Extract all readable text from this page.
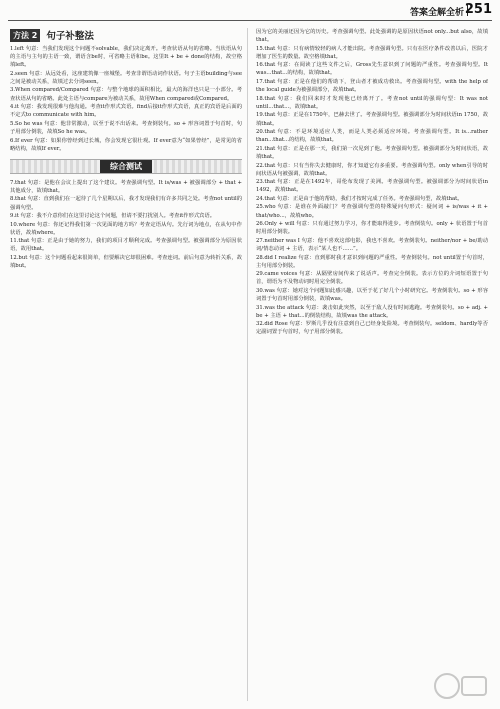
答案全解全析 251
方法 2 句子补整法

1.left 句意：当我们发现这个问题不solvable，我们决定离开。考查状语从句的省略。当状语从句的主语与主句的主语一致，谓语含be时，可省略主语和be。这里It + be + done的结构，故空格填left。

2.seen 句意：从远处看，这座建筑像一座城堡。考查非谓语动词作状语。句子主语building与see之间是被动关系，故填过去分词seen。

3.When compared/Compared 句意：与整个地球的面积相比，最大的海洋也只是一小部分。考查状语从句的省略。此处主语与compare为被动关系，故用When compared或Compared。

4.it 句意：我发现很难与他沟通。考查it作形式宾语。find后接it作形式宾语，真正的宾语是后面的不定式to communicate with him。

5.So he was 句意：他非常激动，以至于说不出话来。考查倒装句。so + 形容词置于句首时，句子用部分倒装，故填So he was。

6.If ever 句意：如果你曾经到过长城，你会发现它很壮观。If ever意为“如果曾经”，是常见的省略结构，故填If ever。

综合测试

7.that 句意：是他在会议上提出了这个建议。考查强调句型。It is/was + 被强调部分 + that + 其他成分，故填that。

8.that 句意：直到我们在一起待了几个星期以后，我才发现我们有许多共同之处。考查not until的强调句型。

9.it 句意：我不介意你们在这里讨论这个问题，但请不要打扰别人。考查it作形式宾语。

10.where 句意：你还记得我们第一次见面的地方吗？考查定语从句。先行词为地点，在从句中作状语，故填where。

11.that 句意：正是由于她的努力，我们的项目才顺利完成。考查强调句型。被强调部分为原因状语，故用that。

12.but 句意：这个问题看起来很简单，但要解决它却很困难。考查连词。前后句意为转折关系，故填but。

因为它的美丽还因为它的历史。考查强调句型。此处强调的是原因状语not only...but also，故填that。

15.that 句意：只有病情较轻的病人才能出院。考查强调句型。只有在医疗条件改善以后，医院才增加了医生的数量。故空格填that。

16.that 句意：在阅读了这些文件之后，Gross先生意识到了问题的严重性。考查强调句型。It was...that...的结构，故填that。

17.that 句意：正是在他们的帮助下，登山者才被成功救出。考查强调句型。with the help of the local guide为被强调部分，故填that。

18.that 句意：我们回来时才发现他已经离开了。考查not until的强调句型：It was not until...that...，故填that。

19.that 句意：正是在1750年，巴赫去世了。考查强调句型。被强调部分为时间状语in 1750，故填that。

20.that 句意：不是环境适应人类，而是人类必须适应环境。考查强调句型。It is...rather than...that...的结构，故填that。

21.that 句意：正是在那一天，我们第一次见到了他。考查强调句型。被强调部分为时间状语，故填that。

22.that 句意：只有当你失去健康时，你才知道它有多重要。考查强调句型。only when引导的时间状语从句被强调，故填that。

23.that 句意：正是在1492年，哥伦布发现了美洲。考查强调句型。被强调部分为时间状语in 1492，故填that。

24.that 句意：正是由于他的帮助，我们才按时完成了任务。考查强调句型，故填that。

25.who 句意：是谁在外面敲门？考查强调句型的特殊疑问句形式：疑问词 + is/was + it + that/who...，故填who。

26.Only + will 句意：只有通过努力学习，你才能取得进步。考查倒装句。only + 状语置于句首时用部分倒装。

27.neither was I 句意：他不喜欢这部电影，我也不喜欢。考查倒装句。neither/nor + be/助动词/情态动词 + 主语，表示“某人也不……”。

28.did I realize 句意：直到那时我才意识到问题的严重性。考查倒装句。not until置于句首时，主句用部分倒装。

29.came voices 句意：从隔壁房间传来了说话声。考查完全倒装。表示方位的介词短语置于句首，谓语为不及物动词时用完全倒装。

30.was 句意：她对这个问题如此感兴趣，以至于花了好几个小时研究它。考查倒装句。so + 形容词置于句首时用部分倒装，故填was。

31.was the attack 句意：袭击如此突然，以至于敌人没有时间逃跑。考查倒装句。so + adj. + be + 主语 + that...的倒装结构，故填was the attack。

32.did Rose 句意：罗斯几乎没有注意到自己已经身处险境。考查倒装句。seldom、hardly等否定副词置于句首时，句子用部分倒装。
